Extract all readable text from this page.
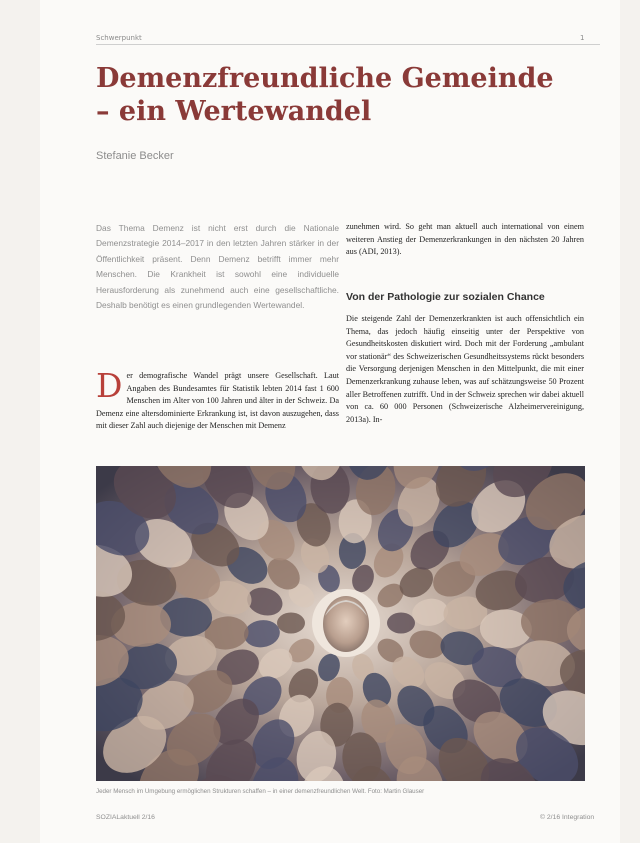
Schwerpunkt	1
Demenzfreundliche Gemeinde – ein Wertewandel
Stefanie Becker
Das Thema Demenz ist nicht erst durch die Nationale Demenzstrategie 2014–2017 in den letzten Jahren stärker in der Öffentlichkeit präsent. Denn Demenz betrifft immer mehr Menschen. Die Krankheit ist sowohl eine individuelle Herausforderung als zunehmend auch eine gesellschaftliche. Deshalb benötigt es einen grundlegenden Wertewandel.
Der demografische Wandel prägt unsere Gesellschaft. Laut Angaben des Bundesamtes für Statistik lebten 2014 fast 1 600 Menschen im Alter von 100 Jahren und älter in der Schweiz. Da Demenz eine altersdominierte Erkrankung ist, ist davon auszugehen, dass mit dieser Zahl auch diejenige der Menschen mit Demenz
zunehmen wird. So geht man aktuell auch international von einem weiteren Anstieg der Demenzerkrankungen in den nächsten 20 Jahren aus (ADI, 2013).
Von der Pathologie zur sozialen Chance
Die steigende Zahl der Demenzerkrankten ist auch offensichtlich ein Thema, das jedoch häufig einseitig unter der Perspektive von Gesundheitskosten diskutiert wird. Doch mit der Forderung „ambulant vor stationär“ des Schweizerischen Gesundheitssystems rückt besonders die Versorgung derjenigen Menschen in den Mittelpunkt, die mit einer Demenzerkrankung zuhause leben, was auf schätzungsweise 50 Prozent aller Betroffenen zutrifft. Und in der Schweiz sprechen wir dabei aktuell von ca. 60 000 Personen (Schweizerische Alzheimervereinigung, 2013a). In-
Jeder Mensch im Umgebung ermöglichen Strukturen schaffen – in einer demenzfreundlichen Welt. Foto: Martin Glauser
SOZIALaktuell 2/16	© 2/16 Integration
